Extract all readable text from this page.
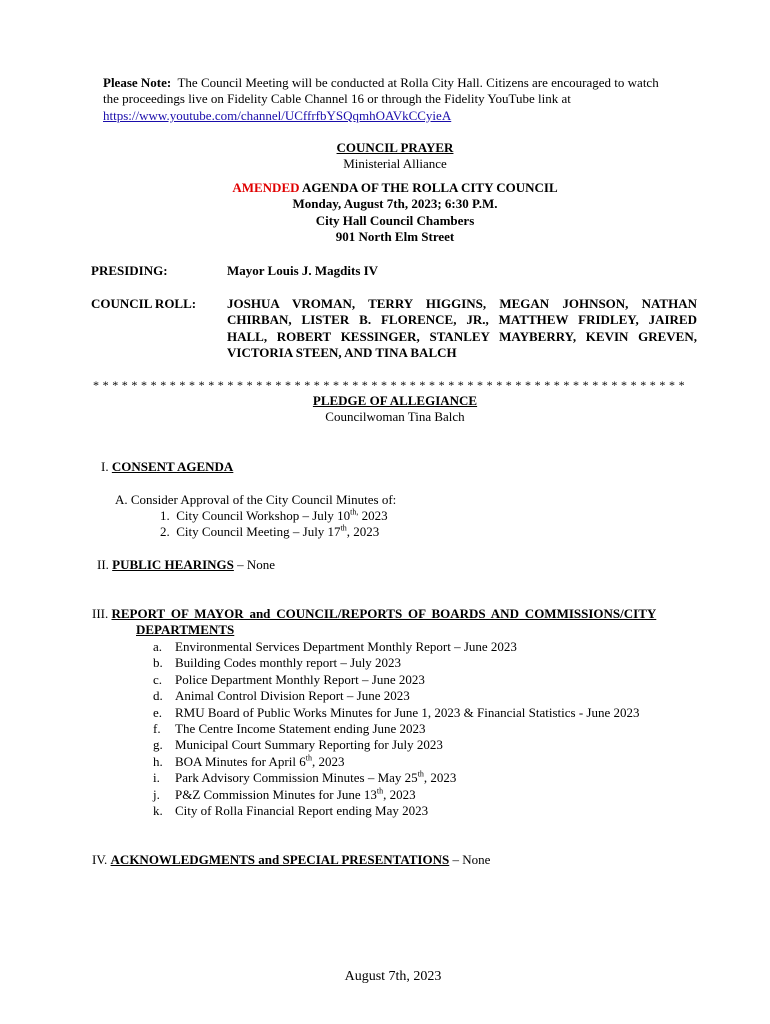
Please Note: The Council Meeting will be conducted at Rolla City Hall. Citizens are encouraged to watch
the proceedings live on Fidelity Cable Channel 16 or through the Fidelity YouTube link at
https://www.youtube.com/channel/UCffrfbYSQqmhOAVkCCyieA
COUNCIL PRAYER
Ministerial Alliance
AMENDED AGENDA OF THE ROLLA CITY COUNCIL
Monday, August 7th, 2023; 6:30 P.M.
City Hall Council Chambers
901 North Elm Street
PRESIDING:	Mayor Louis J. Magdits IV
COUNCIL ROLL: JOSHUA VROMAN, TERRY HIGGINS, MEGAN JOHNSON, NATHAN
CHIRBAN, LISTER B. FLORENCE, JR., MATTHEW FRIDLEY, JAIRED
HALL, ROBERT KESSINGER, STANLEY MAYBERRY, KEVIN GREVEN,
VICTORIA STEEN, AND TINA BALCH
* * * * * * * * * * * * * * * * * * * * * * * * * * * * * * * * * * * * * * * * * * * * * * * * * * * * * * * * * * * * * *
PLEDGE OF ALLEGIANCE
Councilwoman Tina Balch
I. CONSENT AGENDA
A. Consider Approval of the City Council Minutes of:
1. City Council Workshop – July $10^{th,}$ 2023
2. City Council Meeting – July 17th, 2023
II. PUBLIC HEARINGS – None
III. REPORT OF MAYOR and COUNCIL/REPORTS OF BOARDS AND COMMISSIONS/CITY
DEPARTMENTS
a. Environmental Services Department Monthly Report – June 2023
b. Building Codes monthly report – July 2023
c. Police Department Monthly Report – June 2023
d. Animal Control Division Report – June 2023
e. RMU Board of Public Works Minutes for June 1, 2023 & Financial Statistics - June 2023
f. The Centre Income Statement ending June 2023
g. Municipal Court Summary Reporting for July 2023
h. BOA Minutes for April 6th, 2023
i. Park Advisory Commission Minutes – May 25th, 2023
j. P&Z Commission Minutes for June 13th, 2023
k. City of Rolla Financial Report ending May 2023
IV. ACKNOWLEDGMENTS and SPECIAL PRESENTATIONS – None
August 7th, 2023
